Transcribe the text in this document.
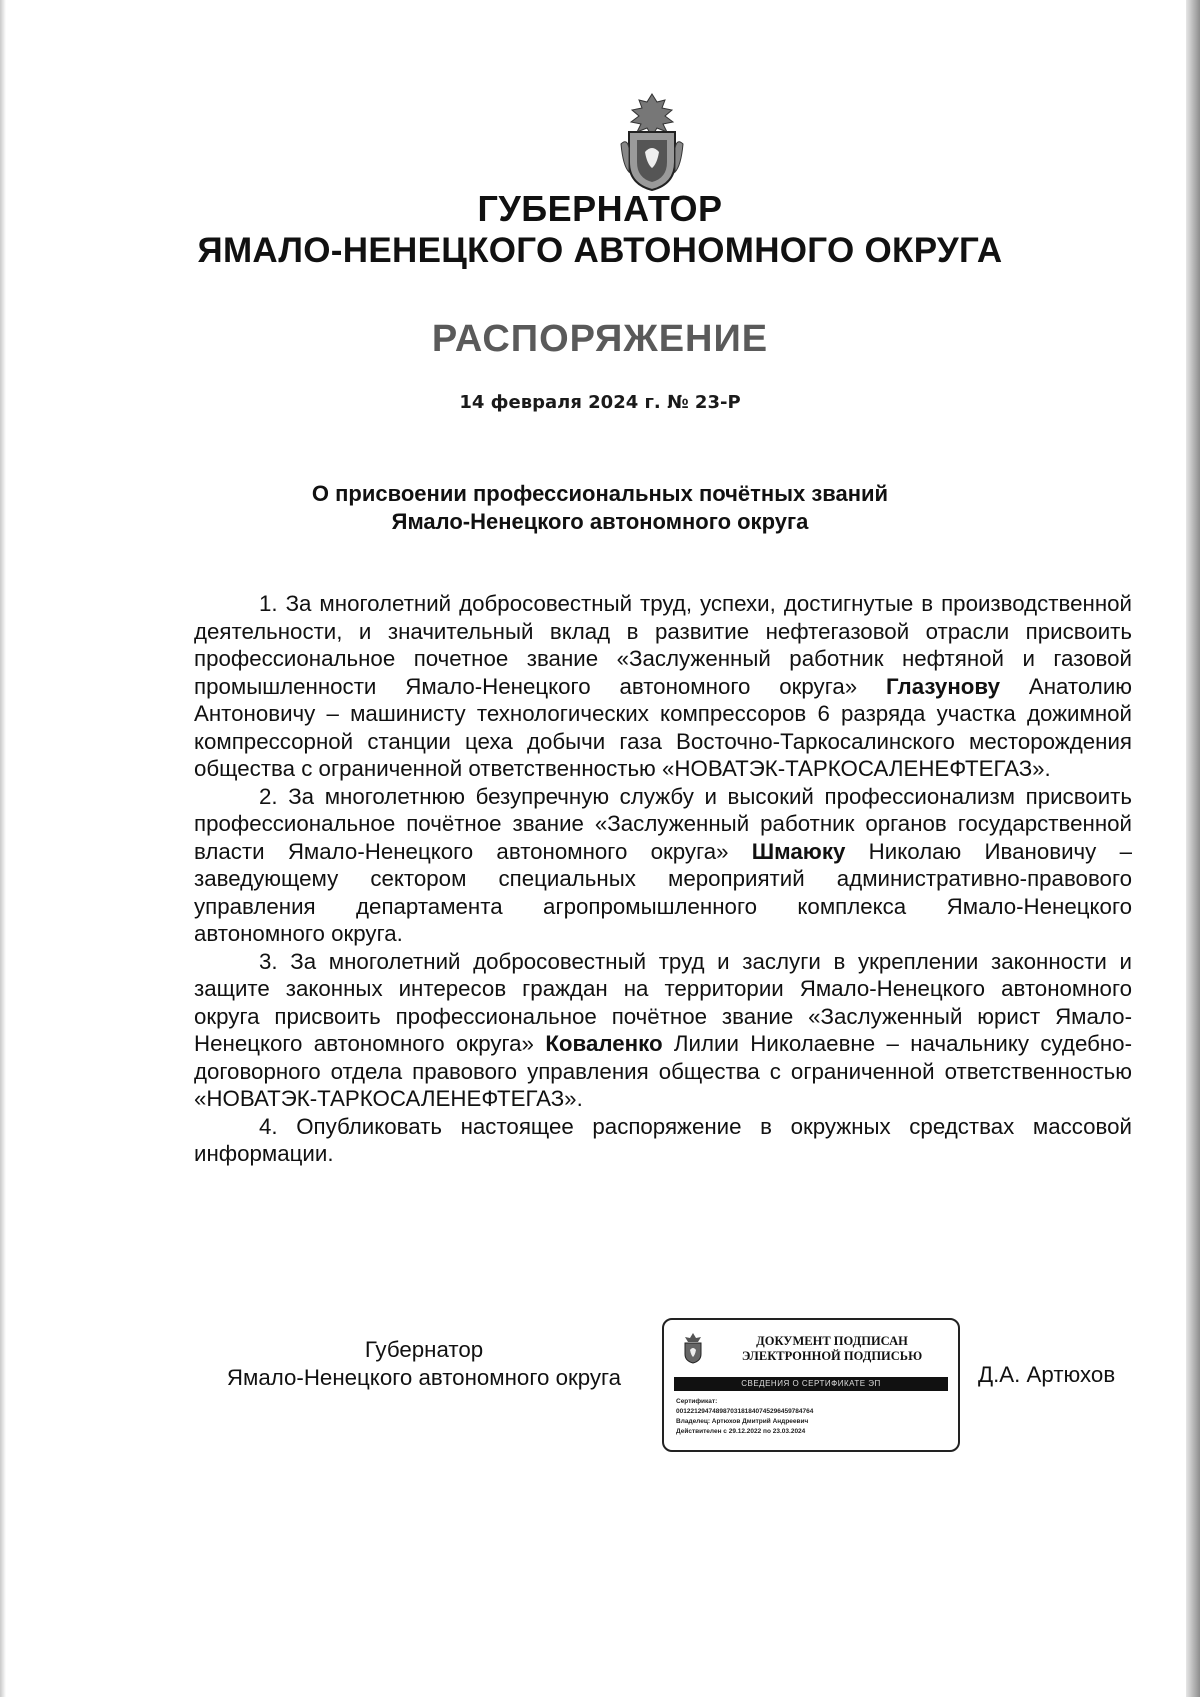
ГУБЕРНАТОР
ЯМАЛО-НЕНЕЦКОГО АВТОНОМНОГО ОКРУГА
РАСПОРЯЖЕНИЕ
14 февраля 2024 г. № 23-Р
О присвоении профессиональных почётных званий
Ямало-Ненецкого автономного округа

1. За многолетний добросовестный труд, успехи, достигнутые в производственной деятельности, и значительный вклад в развитие нефтегазовой отрасли присвоить профессиональное почетное звание «Заслуженный работник нефтяной и газовой промышленности Ямало-Ненецкого автономного округа» Глазунову Анатолию Антоновичу – машинисту технологических компрессоров 6 разряда участка дожимной компрессорной станции цеха добычи газа Восточно-Таркосалинского месторождения общества с ограниченной ответственностью «НОВАТЭК-ТАРКОСАЛЕНЕФТЕГАЗ».

2. За многолетнюю безупречную службу и высокий профессионализм присвоить профессиональное почётное звание «Заслуженный работник органов государственной власти Ямало-Ненецкого автономного округа» Шмаюку Николаю Ивановичу – заведующему сектором специальных мероприятий административно-правового управления департамента агропромышленного комплекса Ямало-Ненецкого автономного округа.

3. За многолетний добросовестный труд и заслуги в укреплении законности и защите законных интересов граждан на территории Ямало-Ненецкого автономного округа присвоить профессиональное почётное звание «Заслуженный юрист Ямало-Ненецкого автономного округа» Коваленко Лилии Николаевне – начальнику судебно-договорного отдела правового управления общества с ограниченной ответственностью «НОВАТЭК-ТАРКОСАЛЕНЕФТЕГАЗ».

4. Опубликовать настоящее распоряжение в окружных средствах массовой информации.

Губернатор
Ямало-Ненецкого автономного округа
ДОКУМЕНТ ПОДПИСАН
ЭЛЕКТРОННОЙ ПОДПИСЬЮ
СВЕДЕНИЯ О СЕРТИФИКАТЕ ЭП
Сертификат:
00122129474898703181840745296459784764
Владелец: Артюхов Дмитрий Андреевич
Действителен с 29.12.2022 по 23.03.2024
Д.А. Артюхов
